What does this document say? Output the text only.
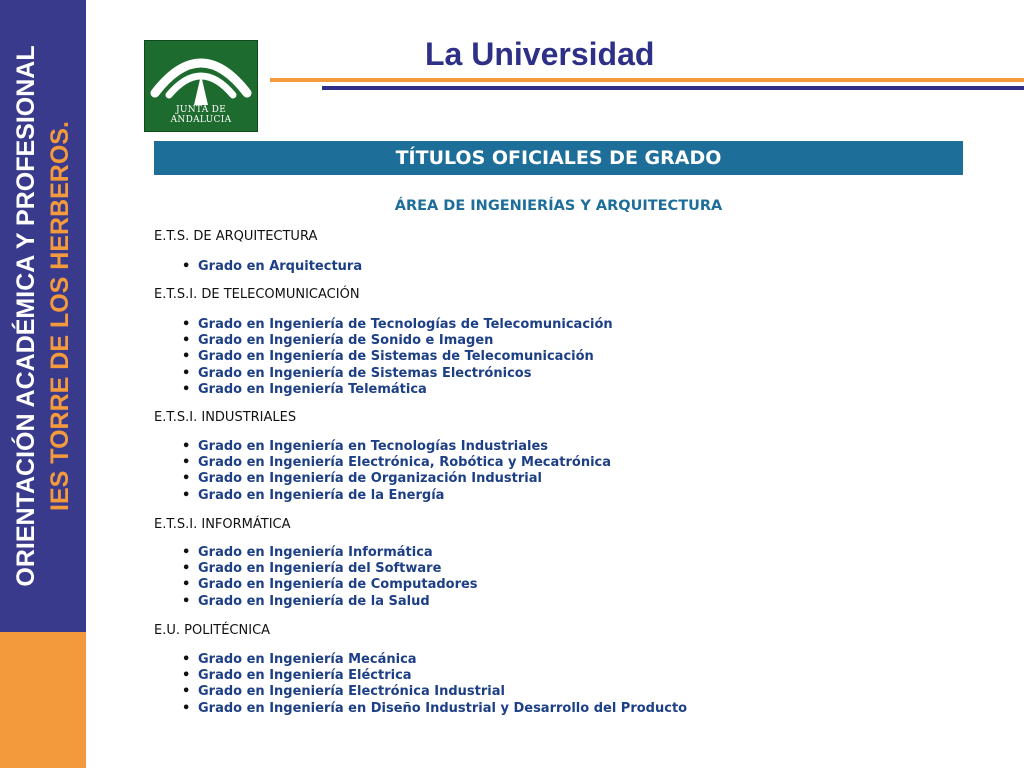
ORIENTACIÓN ACADÉMICA Y PROFESIONAL IES TORRE DE LOS HERBEROS.
JUNTA DE ANDALUCIA
La Universidad
TÍTULOS OFICIALES DE GRADO
ÁREA DE INGENIERÍAS Y ARQUITECTURA
E.T.S. DE ARQUITECTURA
• Grado en Arquitectura
E.T.S.I. DE TELECOMUNICACIÓN
• Grado en Ingeniería de Tecnologías de Telecomunicación
• Grado en Ingeniería de Sonido e Imagen
• Grado en Ingeniería de Sistemas de Telecomunicación
• Grado en Ingeniería de Sistemas Electrónicos
• Grado en Ingeniería Telemática
E.T.S.I. INDUSTRIALES
• Grado en Ingeniería en Tecnologías Industriales
• Grado en Ingeniería Electrónica, Robótica y Mecatrónica
• Grado en Ingeniería de Organización Industrial
• Grado en Ingeniería de la Energía
E.T.S.I. INFORMÁTICA
• Grado en Ingeniería Informática
• Grado en Ingeniería del Software
• Grado en Ingeniería de Computadores
• Grado en Ingeniería de la Salud
E.U. POLITÉCNICA
• Grado en Ingeniería Mecánica
• Grado en Ingeniería Eléctrica
• Grado en Ingeniería Electrónica Industrial
• Grado en Ingeniería en Diseño Industrial y Desarrollo del Producto
